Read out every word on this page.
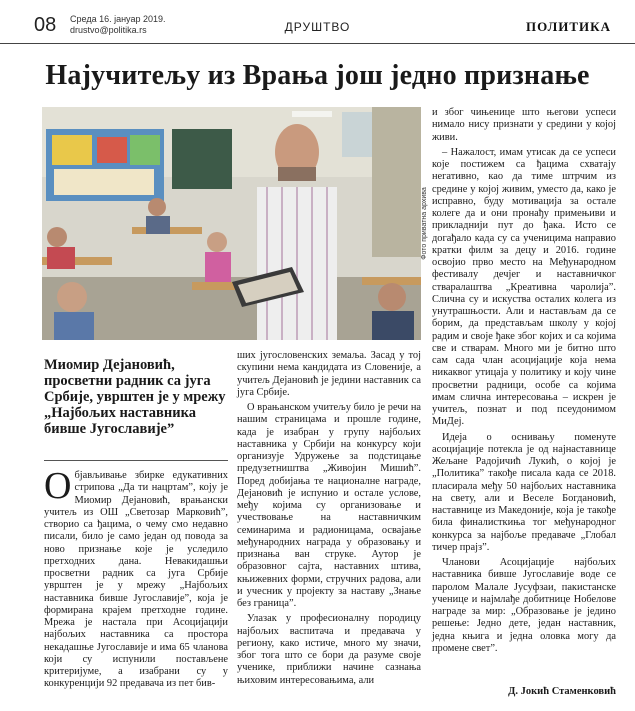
08 Среда 16. јануар 2019.
drustvo@politika.rs	ДРУШТВО	ПОЛИТИКА
Најучитељу из Врања још једно признање
Фото приватна архива
Миомир Дејановић, просветни радник са југа Србије, уврштен је у мрежу „Најбољих наставника бивше Југославије”

Објављивање збирке едукативних стрипова „Да ти нацртам”, коју је Миомир Дејановић, врањански учитељ из ОШ „Светозар Марковић”, створио са ђацима, о чему смо недавно писали, било је само један од повода за ново признање које је уследило претходних дана. Невакидашњи просветни радник са југа Србије уврштен је у мрежу „Најбољих наставника бивше Југославије”, која је формирана крајем претходне године. Мрежа је настала при Асоцијацији најбољих наставника са простора некадашње Југославије и има 65 чланова који су испунили постављене критеријуме, а изабрани су у конкуренцији 92 предавача из пет бив-

ших југословенских земаља. Засад у тој скупини нема кандидата из Словеније, а учитељ Дејановић је једини наставник са југа Србије.

О врањанском учитељу било је речи на нашим страницама и прошле године, када је изабран у групу најбољих наставника у Србији на конкурсу који организује Удружење за подстицање предузетништва „Живојин Мишић”. Поред добијања те националне награде, Дејановић је испунио и остале услове, међу којима су организовање и учествовање на наставничким семинарима и радионицама, освајање међународних награда у образовању и признања ван струке. Аутор је образовног сајта, наставних штива, књижевних форми, стручних радова, али и учесник у пројекту за наставу „Знање без граница”.

Улазак у професионалну породицу најбољих васпитача и предавача у региону, како истиче, много му значи, због тога што се бори да разуме своје ученике, приближи начине сазнања њиховим интересовањима, али

и због чињенице што његови успеси нимало нису признати у средини у којој живи.

– Нажалост, имам утисак да се успеси које постижем са ђацима схватају негативно, као да тиме штрчим из средине у којој живим, уместо да, како је исправно, буду мотивација за остале колеге да и они пронађу примењиви и прикладнији пут до ђака. Исто се догађало када су са ученицима направио кратки филм за децу и 2016. године освојио прво место на Међународном фестивалу дечјег и наставничког стваралаштва „Креативна чаролија”. Слична су и искуства осталих колега из унутрашњости. Али и настављам да се борим, да представљам школу у којој радим и своје ђаке због којих и са којима све и стварам. Много ми је битно што сам сада члан асоцијације која нема никаквог утицаја у политику и коју чине просветни радници, особе са којима имам слична интересовања – искрен је учитељ, познат и под псеудонимом МиДеј.

Идеја о оснивању поменуте асоцијације потекла је од најнаставнице Жељане Радојичић Лукић, о којој је „Политика” такође писала када се 2018. пласирала међу 50 најбољих наставника на свету, али и Веселе Богдановић, наставнице из Македоније, која је такође била финалисткиња тог међународног конкурса за најбоље предаваче „Глобал тичер прајз”.

Чланови Асоцијације најбољих наставника бивше Југославије воде се паролом Малале Јусуфзаи, пакистанске ученице и најмлађе добитнице Нобелове награде за мир: „Образовање је једино решење: Једно дете, један наставник, једна књига и једна оловка могу да промене свет”.

Д. Јокић Стаменковић
